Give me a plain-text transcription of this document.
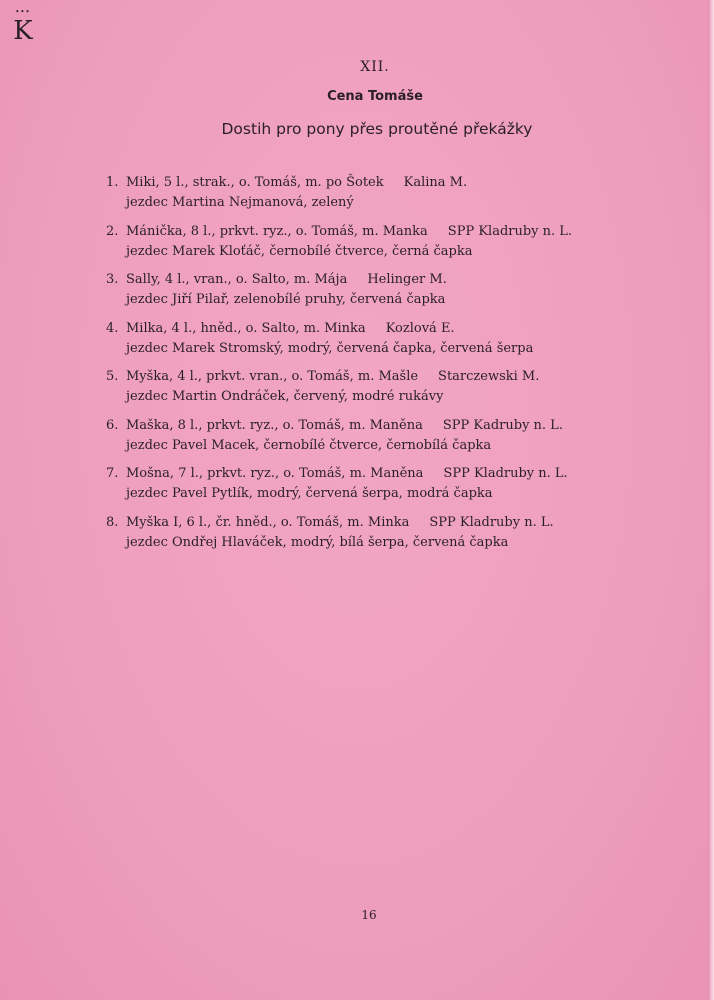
•••
K
XII.
Cena Tomáše
Dostih pro pony přes proutěné překážky
1. Miki, 5 l., strak., o. Tomáš, m. po Šotek Kalina M.
jezdec Martina Nejmanová, zelený
2. Mánička, 8 l., prkvt. ryz., o. Tomáš, m. Manka SPP Kladruby n. L.
jezdec Marek Kloťáč, černobílé čtverce, černá čapka
3. Sally, 4 l., vran., o. Salto, m. Mája Helinger M.
jezdec Jiří Pilař, zelenobílé pruhy, červená čapka
4. Milka, 4 l., hněd., o. Salto, m. Minka Kozlová E.
jezdec Marek Stromský, modrý, červená čapka, červená šerpa
5. Myška, 4 l., prkvt. vran., o. Tomáš, m. Mašle Starczewski M.
jezdec Martin Ondráček, červený, modré rukávy
6. Maška, 8 l., prkvt. ryz., o. Tomáš, m. Maněna SPP Kadruby n. L.
jezdec Pavel Macek, černobílé čtverce, černobílá čapka
7. Mošna, 7 l., prkvt. ryz., o. Tomáš, m. Maněna SPP Kladruby n. L.
jezdec Pavel Pytlík, modrý, červená šerpa, modrá čapka
8. Myška I, 6 l., čr. hněd., o. Tomáš, m. Minka SPP Kladruby n. L.
jezdec Ondřej Hlaváček, modrý, bílá šerpa, červená čapka
16
